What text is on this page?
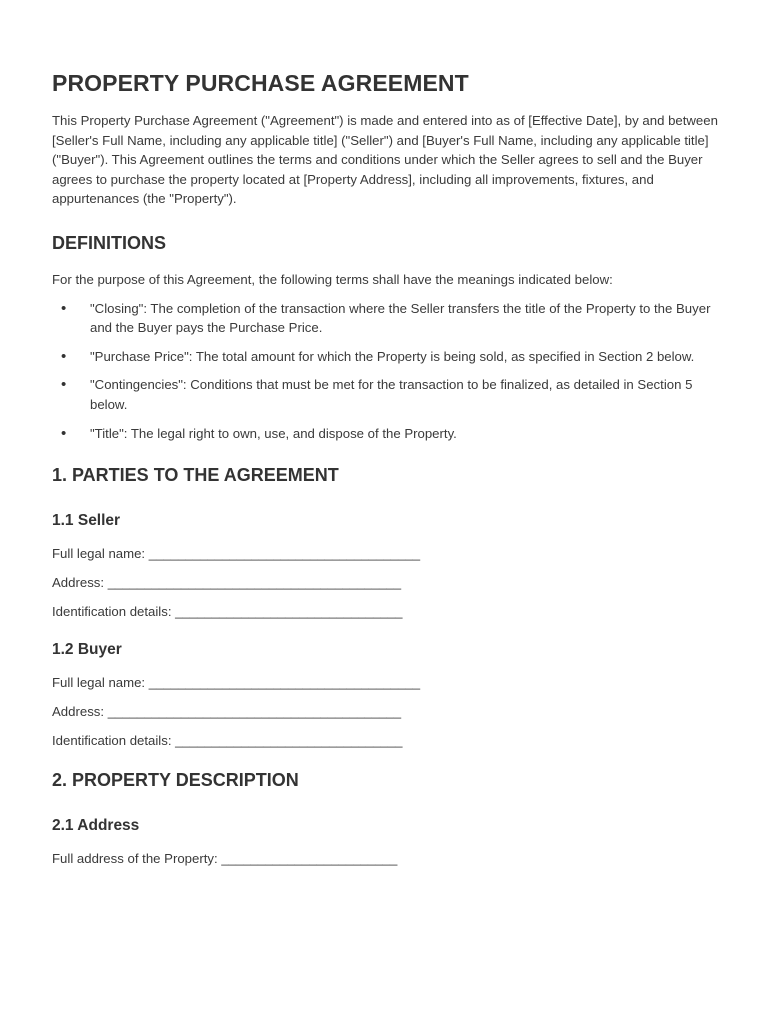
PROPERTY PURCHASE AGREEMENT

This Property Purchase Agreement ("Agreement") is made and entered into as of [Effective Date], by and between [Seller's Full Name, including any applicable title] ("Seller") and [Buyer's Full Name, including any applicable title] ("Buyer"). This Agreement outlines the terms and conditions under which the Seller agrees to sell and the Buyer agrees to purchase the property located at [Property Address], including all improvements, fixtures, and appurtenances (the "Property").

DEFINITIONS

For the purpose of this Agreement, the following terms shall have the meanings indicated below:

• "Closing": The completion of the transaction where the Seller transfers the title of the Property to the Buyer and the Buyer pays the Purchase Price.
• "Purchase Price": The total amount for which the Property is being sold, as specified in Section 2 below.
• "Contingencies": Conditions that must be met for the transaction to be finalized, as detailed in Section 5 below.
• "Title": The legal right to own, use, and dispose of the Property.
1. PARTIES TO THE AGREEMENT
1.1 Seller
Full legal name: _____________________________________
Address: ________________________________________
Identification details: _______________________________
1.2 Buyer
Full legal name: _____________________________________
Address: ________________________________________
Identification details: _______________________________
2. PROPERTY DESCRIPTION
2.1 Address
Full address of the Property: ________________________
